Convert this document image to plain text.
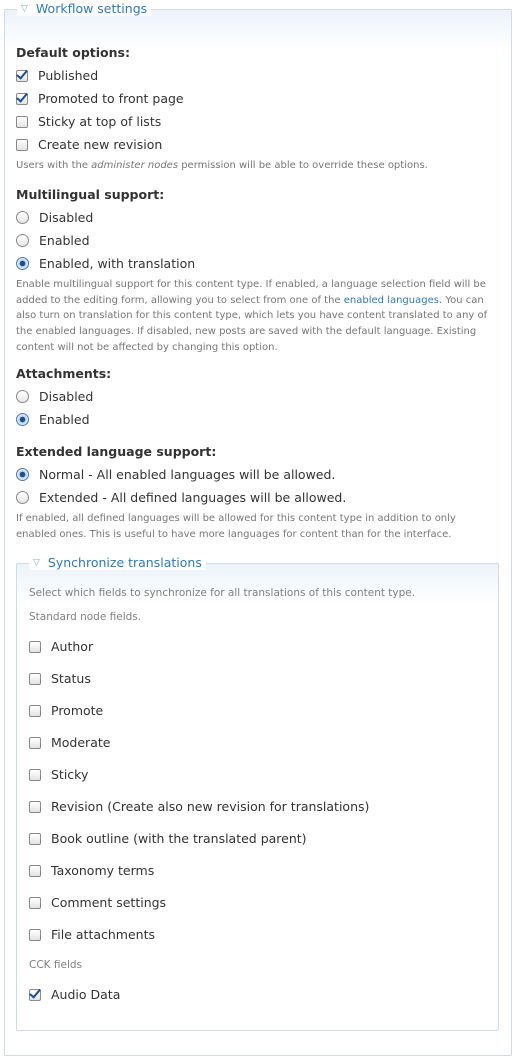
▽ Workflow settings
Default options:
Published
Promoted to front page
Sticky at top of lists
Create new revision
Users with the administer nodes permission will be able to override these options.
Multilingual support:
Disabled
Enabled
Enabled, with translation
Enable multilingual support for this content type. If enabled, a language selection field will be added to the editing form, allowing you to select from one of the enabled languages. You can also turn on translation for this content type, which lets you have content translated to any of the enabled languages. If disabled, new posts are saved with the default language. Existing content will not be affected by changing this option.
Attachments:
Disabled
Enabled
Extended language support:
Normal - All enabled languages will be allowed.
Extended - All defined languages will be allowed.
If enabled, all defined languages will be allowed for this content type in addition to only enabled ones. This is useful to have more languages for content than for the interface.
▽ Synchronize translations
Select which fields to synchronize for all translations of this content type.
Standard node fields.
Author
Status
Promote
Moderate
Sticky
Revision (Create also new revision for translations)
Book outline (with the translated parent)
Taxonomy terms
Comment settings
File attachments
CCK fields
Audio Data
